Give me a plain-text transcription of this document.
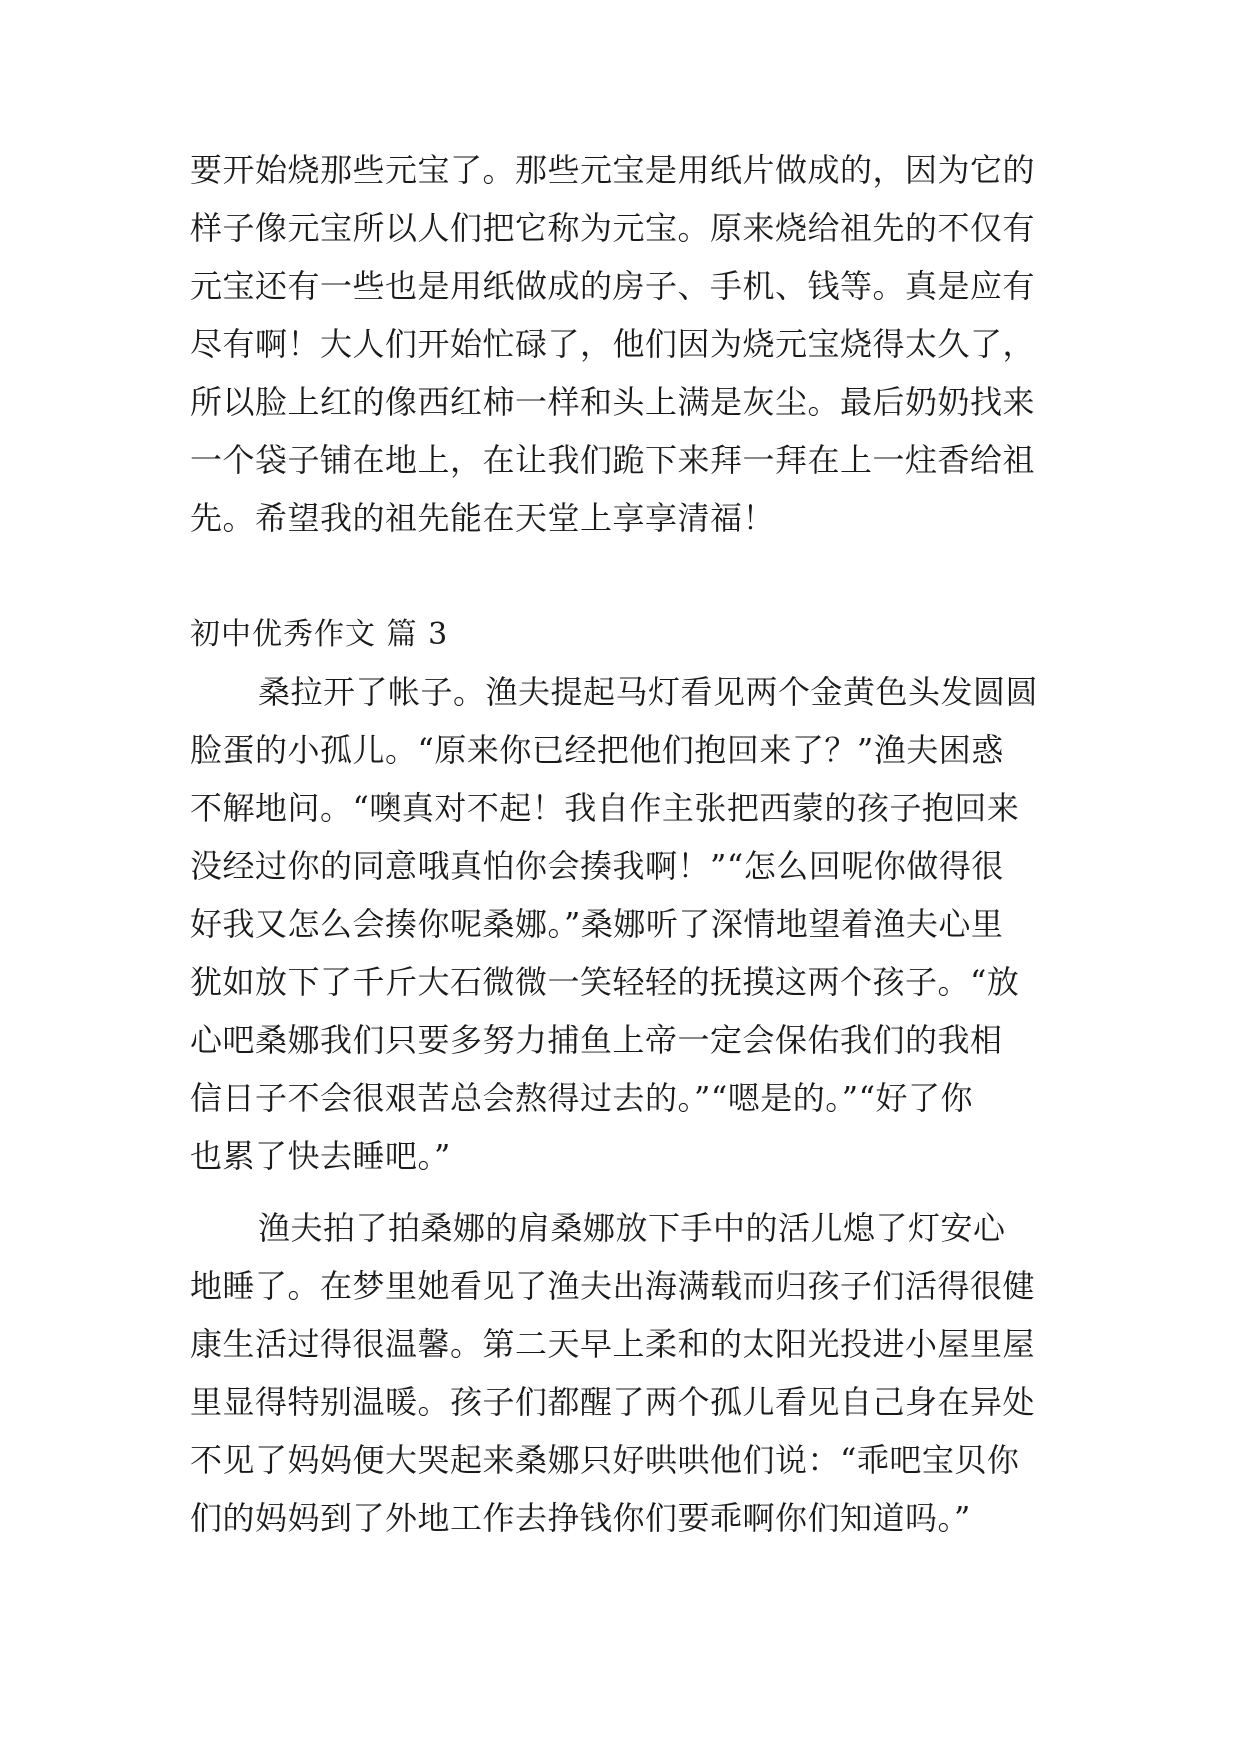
要开始烧那些元宝了。那些元宝是用纸片做成的，因为它的
样子像元宝所以人们把它称为元宝。原来烧给祖先的不仅有
元宝还有一些也是用纸做成的房子、手机、钱等。真是应有
尽有啊！大人们开始忙碌了，他们因为烧元宝烧得太久了，
所以脸上红的像西红柿一样和头上满是灰尘。最后奶奶找来
一个袋子铺在地上，在让我们跪下来拜一拜在上一炷香给祖
先。希望我的祖先能在天堂上享享清福！
初中优秀作文 篇 3
桑拉开了帐子。渔夫提起马灯看见两个金黄色头发圆圆
脸蛋的小孤儿。“原来你已经把他们抱回来了？”渔夫困惑
不解地问。“噢真对不起！我自作主张把西蒙的孩子抱回来
没经过你的同意哦真怕你会揍我啊！”“怎么回呢你做得很
好我又怎么会揍你呢桑娜。”桑娜听了深情地望着渔夫心里
犹如放下了千斤大石微微一笑轻轻的抚摸这两个孩子。“放
心吧桑娜我们只要多努力捕鱼上帝一定会保佑我们的我相
信日子不会很艰苦总会熬得过去的。”“嗯是的。”“好了你
也累了快去睡吧。”
渔夫拍了拍桑娜的肩桑娜放下手中的活儿熄了灯安心
地睡了。在梦里她看见了渔夫出海满载而归孩子们活得很健
康生活过得很温馨。第二天早上柔和的太阳光投进小屋里屋
里显得特别温暖。孩子们都醒了两个孤儿看见自己身在异处
不见了妈妈便大哭起来桑娜只好哄哄他们说：“乖吧宝贝你
们的妈妈到了外地工作去挣钱你们要乖啊你们知道吗。”
